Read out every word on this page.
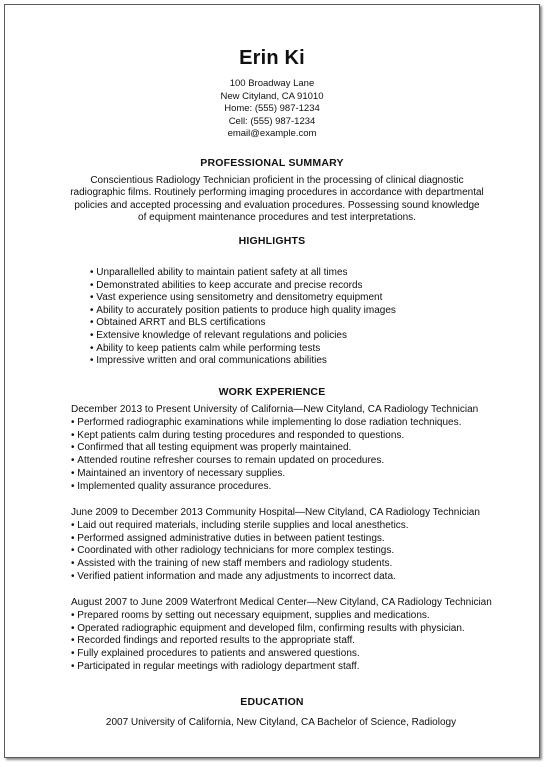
Erin Ki
100 Broadway Lane
New Cityland, CA 91010
Home: (555) 987-1234
Cell: (555) 987-1234
email@example.com
PROFESSIONAL SUMMARY
Conscientious Radiology Technician proficient in the processing of clinical diagnostic radiographic films. Routinely performing imaging procedures in accordance with departmental policies and accepted processing and evaluation procedures. Possessing sound knowledge of equipment maintenance procedures and test interpretations.
HIGHLIGHTS
• Unparallelled ability to maintain patient safety at all times
• Demonstrated abilities to keep accurate and precise records
• Vast experience using sensitometry and densitometry equipment
• Ability to accurately position patients to produce high quality images
• Obtained ARRT and BLS certifications
• Extensive knowledge of relevant regulations and policies
• Ability to keep patients calm while performing tests
• Impressive written and oral communications abilities
WORK EXPERIENCE
December 2013 to Present University of California—New Cityland, CA Radiology Technician
• Performed radiographic examinations while implementing lo dose radiation techniques.
• Kept patients calm during testing procedures and responded to questions.
• Confirmed that all testing equipment was properly maintained.
• Attended routine refresher courses to remain updated on procedures.
• Maintained an inventory of necessary supplies.
• Implemented quality assurance procedures.
June 2009 to December 2013 Community Hospital—New Cityland, CA Radiology Technician
• Laid out required materials, including sterile supplies and local anesthetics.
• Performed assigned administrative duties in between patient testings.
• Coordinated with other radiology technicians for more complex testings.
• Assisted with the training of new staff members and radiology students.
• Verified patient information and made any adjustments to incorrect data.
August 2007 to June 2009 Waterfront Medical Center—New Cityland, CA Radiology Technician
• Prepared rooms by setting out necessary equipment, supplies and medications.
• Operated radiographic equipment and developed film, confirming results with physician.
• Recorded findings and reported results to the appropriate staff.
• Fully explained procedures to patients and answered questions.
• Participated in regular meetings with radiology department staff.
EDUCATION
2007 University of California, New Cityland, CA Bachelor of Science, Radiology
